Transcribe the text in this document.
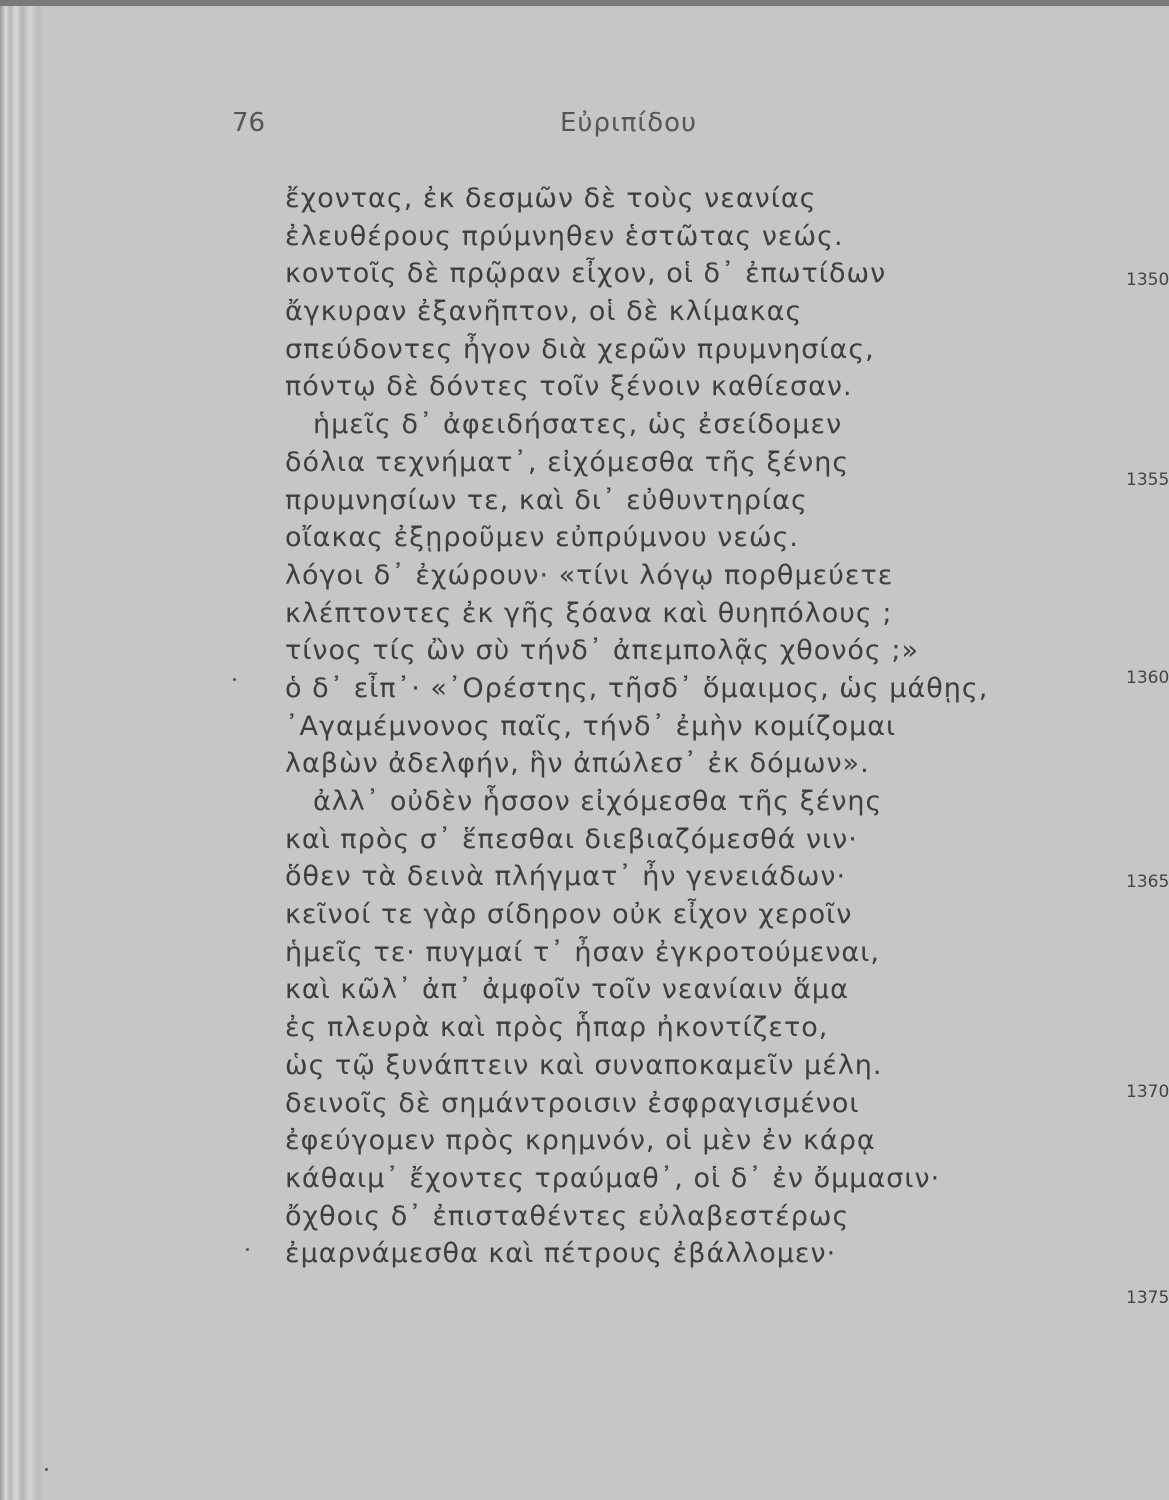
76	Εὐριπίδου
ἔχοντας, ἐκ δεσμῶν δὲ τοὺς νεανίας
ἐλευθέρους πρύμνηθεν ἑστῶτας νεώς.
κοντοῖς δὲ πρῷραν εἶχον, οἱ δ᾽ ἐπωτίδων
ἄγκυραν ἐξανῆπτον, οἱ δὲ κλίμακας
σπεύδοντες ἦγον διὰ χερῶν πρυμνησίας,
πόντῳ δὲ δόντες τοῖν ξένοιν καθίεσαν.
ἡμεῖς δ᾽ ἀφειδήσατες, ὡς ἐσείδομεν
δόλια τεχνήματ᾽, εἰχόμεσθα τῆς ξένης
πρυμνησίων τε, καὶ δι᾽ εὐθυντηρίας
οἴακας ἐξῃροῦμεν εὐπρύμνου νεώς.
λόγοι δ᾽ ἐχώρουν· «τίνι λόγῳ πορθμεύετε
κλέπτοντες ἐκ γῆς ξόανα καὶ θυηπόλους ;
τίνος τίς ὢν σὺ τήνδ᾽ ἀπεμπολᾷς χθονός ;»
ὁ δ᾽ εἶπ᾽· «᾽Ορέστης, τῆσδ᾽ ὅμαιμος, ὡς μάθῃς,
᾽Αγαμέμνονος παῖς, τήνδ᾽ ἐμὴν κομίζομαι
λαβὼν ἀδελφήν, ἣν ἀπώλεσ᾽ ἐκ δόμων».
ἀλλ᾽ οὐδὲν ἧσσον εἰχόμεσθα τῆς ξένης
καὶ πρὸς σ᾽ ἕπεσθαι διεβιαζόμεσθά νιν·
ὅθεν τὰ δεινὰ πλήγματ᾽ ἦν γενειάδων·
κεῖνοί τε γὰρ σίδηρον οὐκ εἶχον χεροῖν
ἡμεῖς τε· πυγμαί τ᾽ ἦσαν ἐγκροτούμεναι,
καὶ κῶλ᾽ ἀπ᾽ ἀμφοῖν τοῖν νεανίαιν ἅμα
ἐς πλευρὰ καὶ πρὸς ἧπαρ ἠκοντίζετο,
ὡς τῷ ξυνάπτειν καὶ συναποκαμεῖν μέλη.
δεινοῖς δὲ σημάντροισιν ἐσφραγισμένοι
ἐφεύγομεν πρὸς κρημνόν, οἱ μὲν ἐν κάρᾳ
κάθαιμ᾽ ἔχοντες τραύμαθ᾽, οἱ δ᾽ ἐν ὄμμασιν·
ὄχθοις δ᾽ ἐπισταθέντες εὐλαβεστέρως
ἐμαρνάμεσθα καὶ πέτρους ἐβάλλομεν·
1350
1355
1360
1365
1370
1375
